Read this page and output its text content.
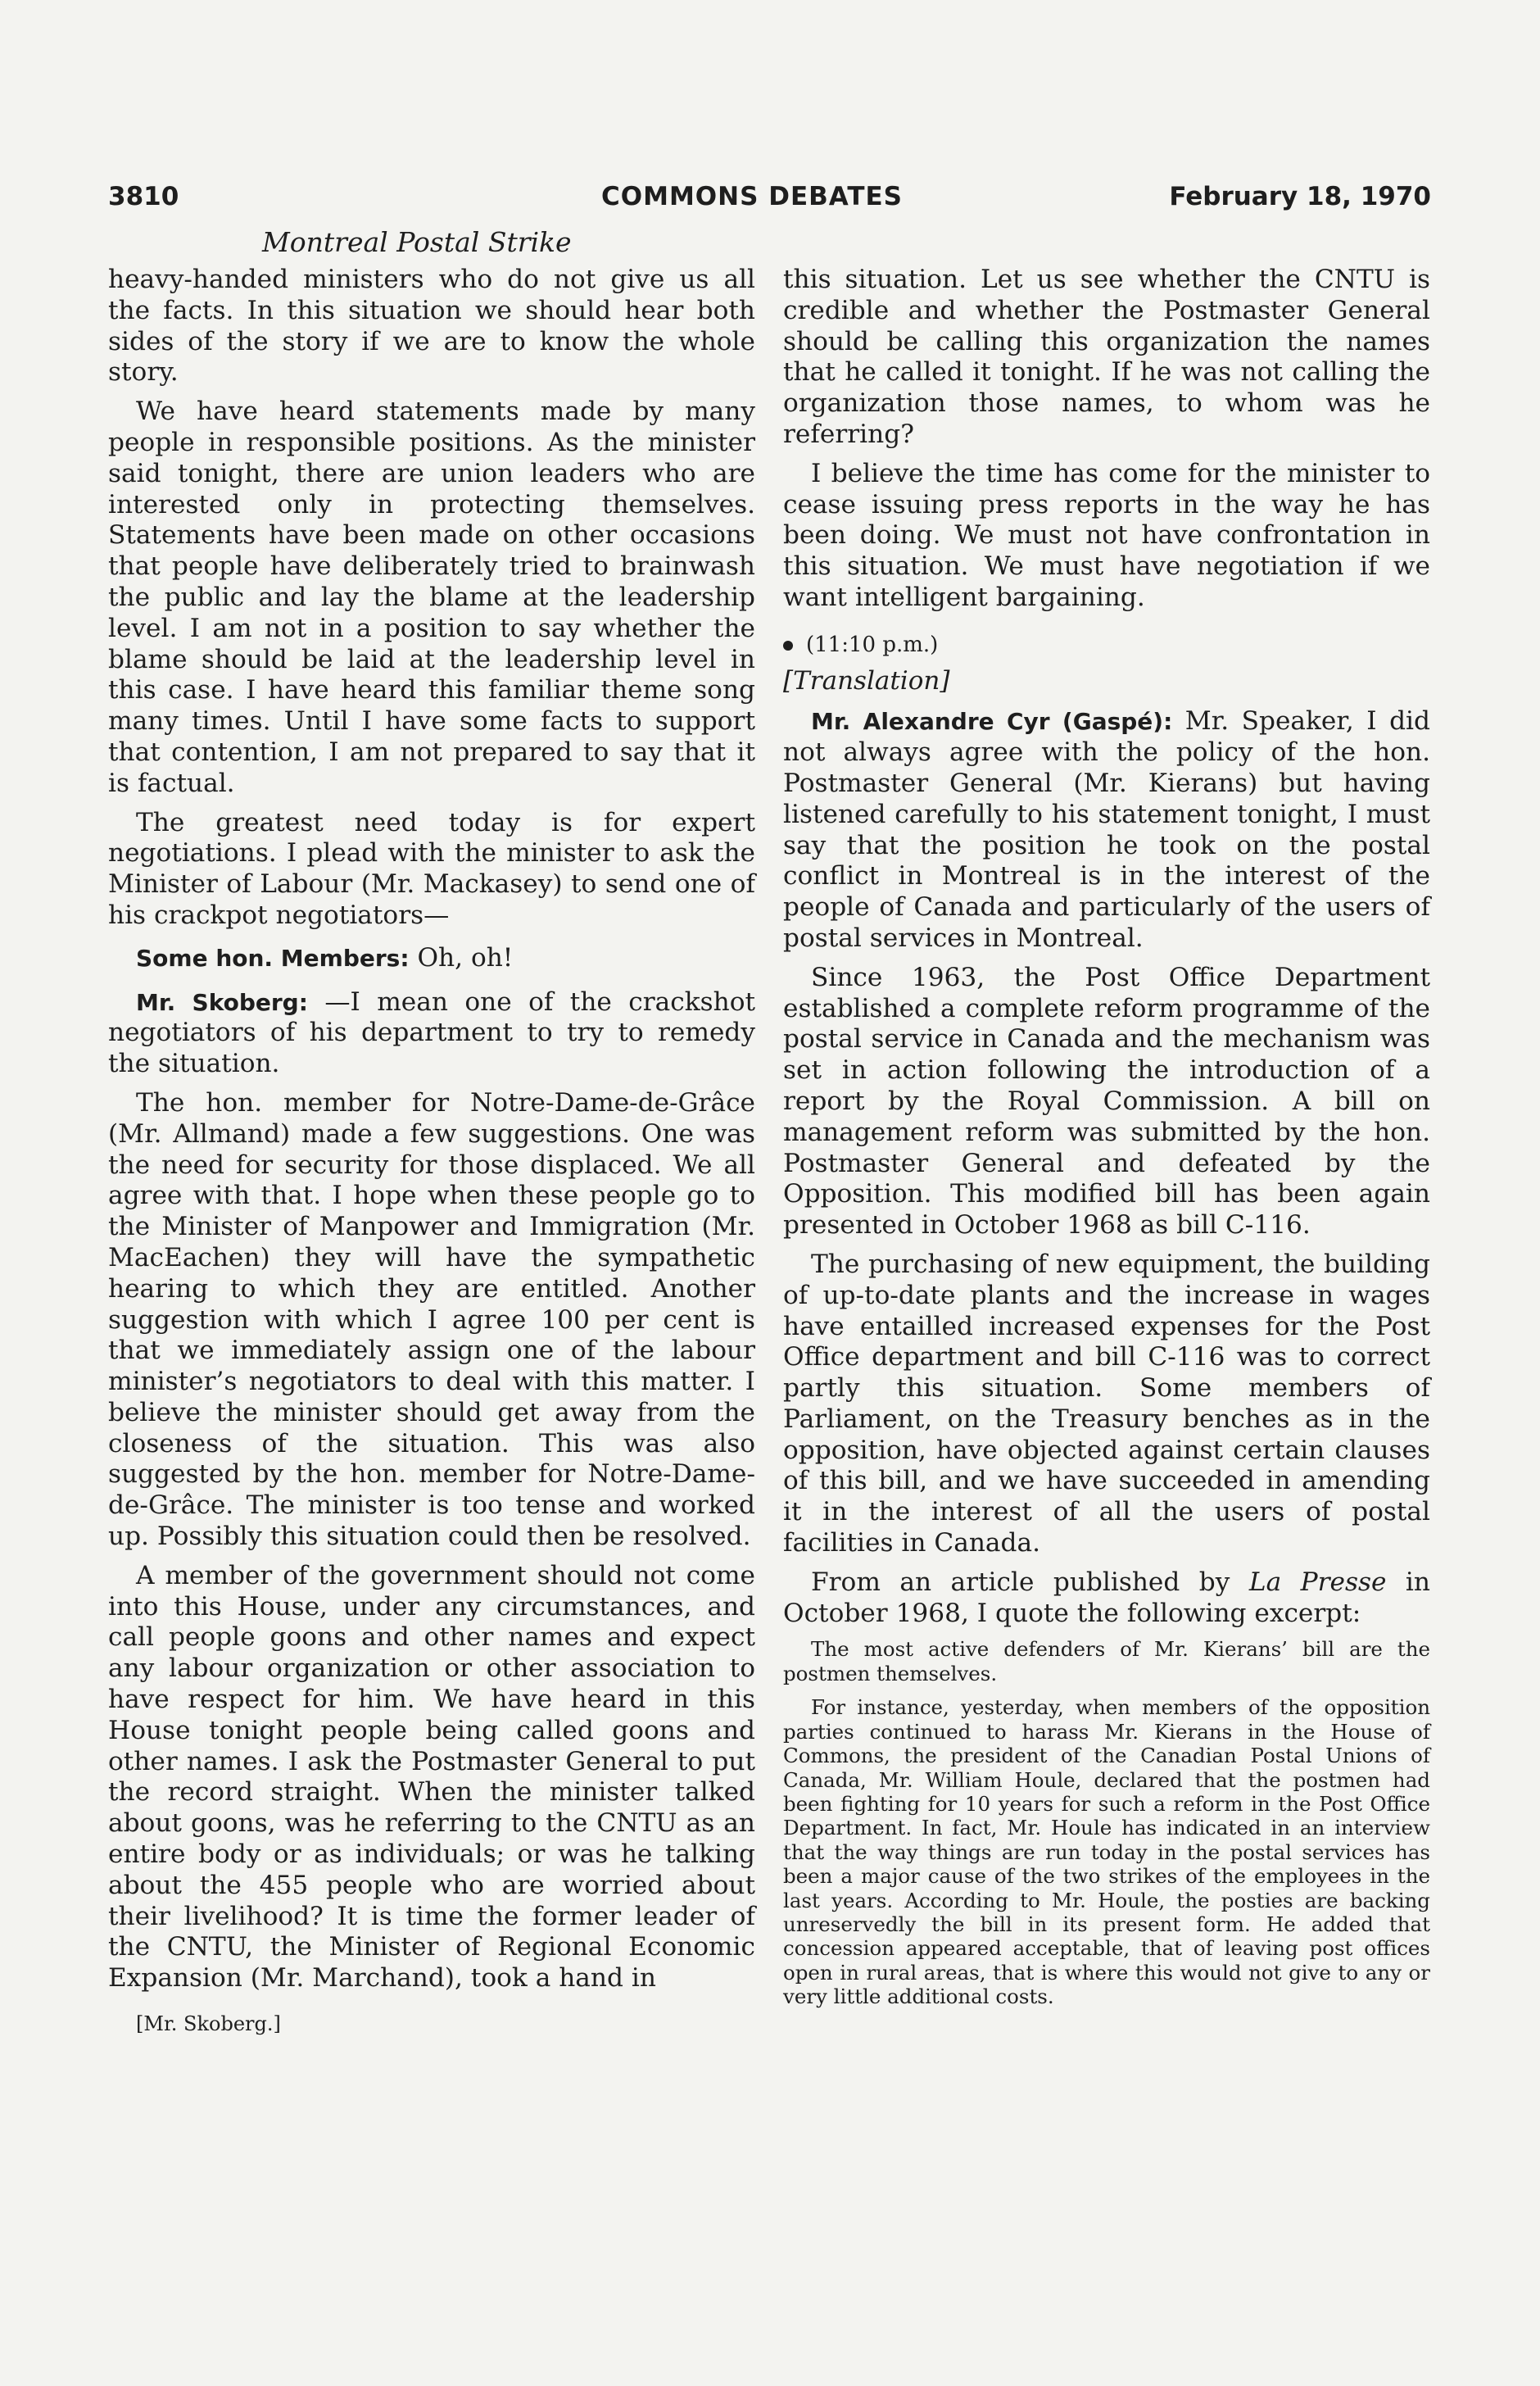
3810	COMMONS DEBATES	February 18, 1970
Montreal Postal Strike

heavy-handed ministers who do not give us all the facts. In this situation we should hear both sides of the story if we are to know the whole story.

We have heard statements made by many people in responsible positions. As the minister said tonight, there are union leaders who are interested only in protecting themselves. Statements have been made on other occasions that people have deliberately tried to brainwash the public and lay the blame at the leadership level. I am not in a position to say whether the blame should be laid at the leadership level in this case. I have heard this familiar theme song many times. Until I have some facts to support that contention, I am not prepared to say that it is factual.

The greatest need today is for expert negotiations. I plead with the minister to ask the Minister of Labour (Mr. Mackasey) to send one of his crackpot negotiators—

Some hon. Members: Oh, oh!

Mr. Skoberg: —I mean one of the crackshot negotiators of his department to try to remedy the situation.

The hon. member for Notre-Dame-de-Grâce (Mr. Allmand) made a few suggestions. One was the need for security for those displaced. We all agree with that. I hope when these people go to the Minister of Manpower and Immigration (Mr. MacEachen) they will have the sympathetic hearing to which they are entitled. Another suggestion with which I agree 100 per cent is that we immediately assign one of the labour minister’s negotiators to deal with this matter. I believe the minister should get away from the closeness of the situation. This was also suggested by the hon. member for Notre-Dame-de-Grâce. The minister is too tense and worked up. Possibly this situation could then be resolved.

A member of the government should not come into this House, under any circumstances, and call people goons and other names and expect any labour organization or other association to have respect for him. We have heard in this House tonight people being called goons and other names. I ask the Postmaster General to put the record straight. When the minister talked about goons, was he referring to the CNTU as an entire body or as individuals; or was he talking about the 455 people who are worried about their livelihood? It is time the former leader of the CNTU, the Minister of Regional Economic Expansion (Mr. Marchand), took a hand in

[Mr. Skoberg.]

this situation. Let us see whether the CNTU is credible and whether the Postmaster General should be calling this organization the names that he called it tonight. If he was not calling the organization those names, to whom was he referring?

I believe the time has come for the minister to cease issuing press reports in the way he has been doing. We must not have confrontation in this situation. We must have negotiation if we want intelligent bargaining.

(11:10 p.m.)
[Translation]

Mr. Alexandre Cyr (Gaspé): Mr. Speaker, I did not always agree with the policy of the hon. Postmaster General (Mr. Kierans) but having listened carefully to his statement tonight, I must say that the position he took on the postal conflict in Montreal is in the interest of the people of Canada and particularly of the users of postal services in Montreal.

Since 1963, the Post Office Department established a complete reform programme of the postal service in Canada and the mechanism was set in action following the introduction of a report by the Royal Commission. A bill on management reform was submitted by the hon. Postmaster General and defeated by the Opposition. This modified bill has been again presented in October 1968 as bill C-116.

The purchasing of new equipment, the building of up-to-date plants and the increase in wages have entailled increased expenses for the Post Office department and bill C-116 was to correct partly this situation. Some members of Parliament, on the Treasury benches as in the opposition, have objected against certain clauses of this bill, and we have succeeded in amending it in the interest of all the users of postal facilities in Canada.

From an article published by La Presse in October 1968, I quote the following excerpt:

The most active defenders of Mr. Kierans’ bill are the postmen themselves.
For instance, yesterday, when members of the opposition parties continued to harass Mr. Kierans in the House of Commons, the president of the Canadian Postal Unions of Canada, Mr. William Houle, declared that the postmen had been fighting for 10 years for such a reform in the Post Office Department. In fact, Mr. Houle has indicated in an interview that the way things are run today in the postal services has been a major cause of the two strikes of the employees in the last years. According to Mr. Houle, the posties are backing unreservedly the bill in its present form. He added that concession appeared acceptable, that of leaving post offices open in rural areas, that is where this would not give to any or very little additional costs.
